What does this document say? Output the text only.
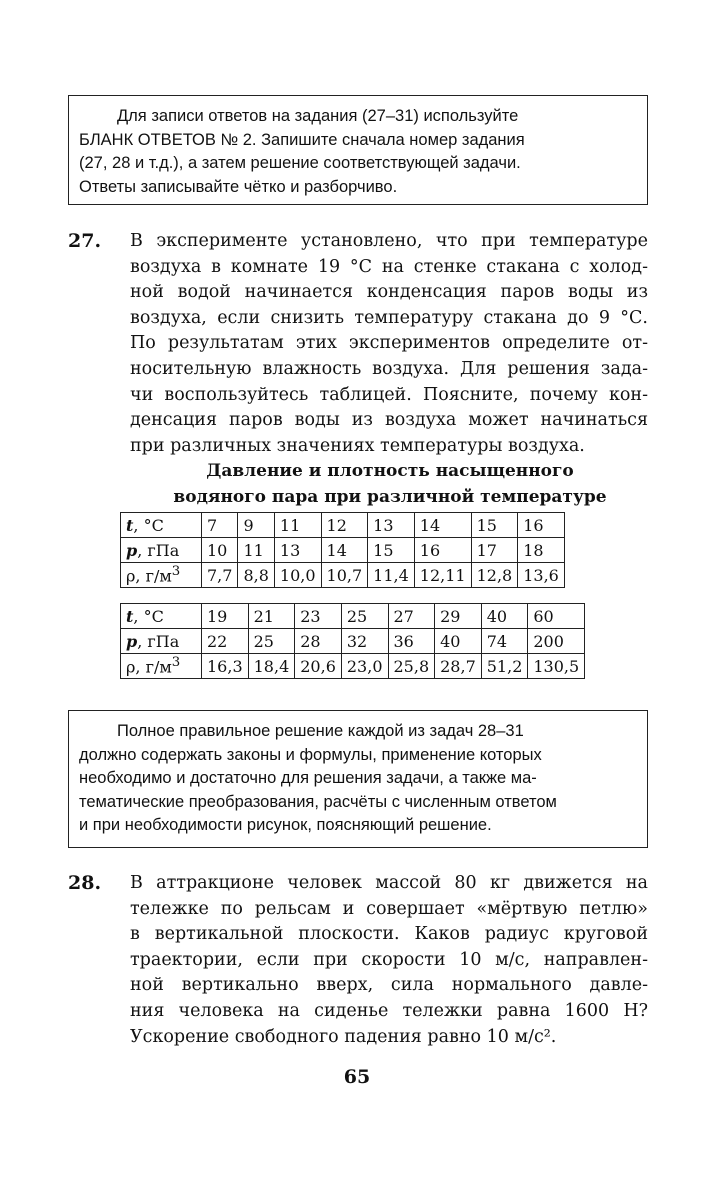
Для записи ответов на задания (27–31) используйте
БЛАНК ОТВЕТОВ № 2. Запишите сначала номер задания
(27, 28 и т.д.), а затем решение соответствующей задачи.
Ответы записывайте чётко и разборчиво.
27. В эксперименте установлено, что при температуре
воздуха в комнате 19 °С на стенке стакана с холод-
ной водой начинается конденсация паров воды из
воздуха, если снизить температуру стакана до 9 °С.
По результатам этих экспериментов определите от-
носительную влажность воздуха. Для решения зада-
чи воспользуйтесь таблицей. Поясните, почему кон-
денсация паров воды из воздуха может начинаться
при различных значениях температуры воздуха.
Давление и плотность насыщенного
водяного пара при различной температуре
t, °С	7	9	11	12	13	14	15	16
p, гПа	10	11	13	14	15	16	17	18
ρ, $г/м^3$	7,7	8,8	10,0	10,7	11,4	12,11	12,8	13,6
t, °С	19	21	23	25	27	29	40	60
p, гПа	22	25	28	32	36	40	74	200
ρ, $г/м^3$	16,3	18,4	20,6	23,0	25,8	28,7	51,2	130,5
Полное правильное решение каждой из задач 28–31
должно содержать законы и формулы, применение которых
необходимо и достаточно для решения задачи, а также ма-
тематические преобразования, расчёты с численным ответом
и при необходимости рисунок, поясняющий решение.
28. В аттракционе человек массой 80 кг движется на
тележке по рельсам и совершает «мёртвую петлю»
в вертикальной плоскости. Каков радиус круговой
траектории, если при скорости 10 м/с, направлен-
ной вертикально вверх, сила нормального давле-
ния человека на сиденье тележки равна 1600 Н?
Ускорение свободного падения равно 10 м/с².
65
